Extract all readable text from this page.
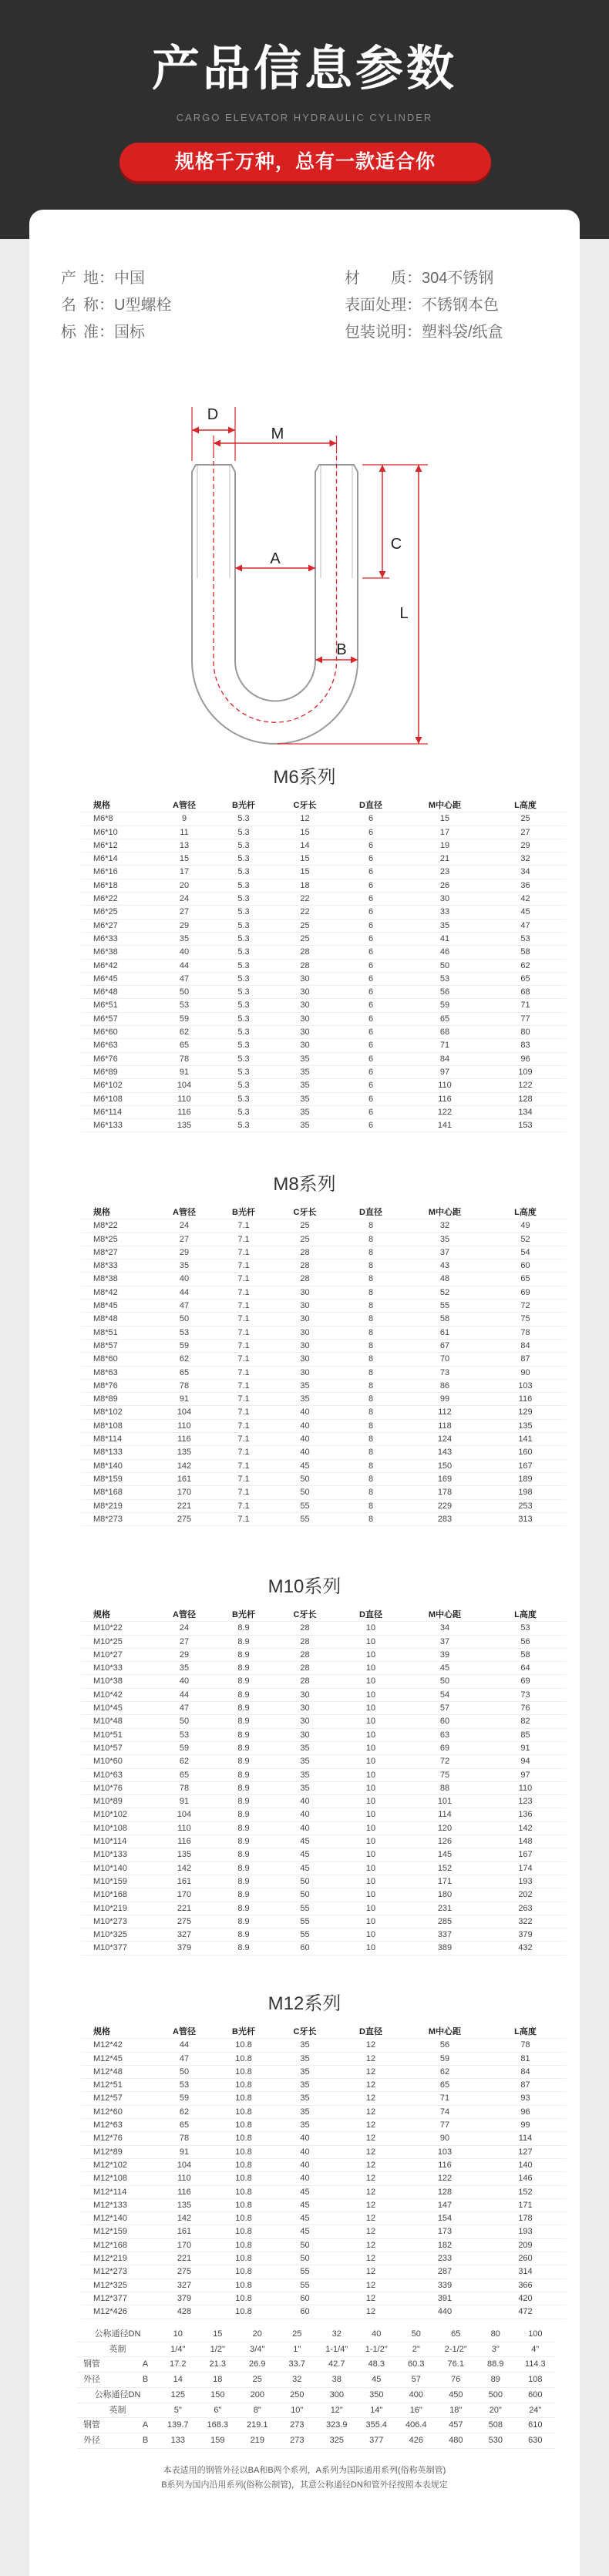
产品信息参数
CARGO ELEVATOR HYDRAULIC CYLINDER
规格千万种，总有一款适合你
产 地：中国
名 称：U型螺栓
标 准：国标
材 质：304不锈钢
表面处理：不锈钢本色
包装说明：塑料袋/纸盒
D
M
A
B
C
L
M6系列
规格	A管径	B光杆	C牙长	D直径	M中心距	L高度
M6*8	9	5.3	12	6	15	25
M6*10	11	5.3	15	6	17	27
M6*12	13	5.3	14	6	19	29
M6*14	15	5.3	15	6	21	32
M6*16	17	5.3	15	6	23	34
M6*18	20	5.3	18	6	26	36
M6*22	24	5.3	22	6	30	42
M6*25	27	5.3	22	6	33	45
M6*27	29	5.3	25	6	35	47
M6*33	35	5.3	25	6	41	53
M6*38	40	5.3	28	6	46	58
M6*42	44	5.3	28	6	50	62
M6*45	47	5.3	30	6	53	65
M6*48	50	5.3	30	6	56	68
M6*51	53	5.3	30	6	59	71
M6*57	59	5.3	30	6	65	77
M6*60	62	5.3	30	6	68	80
M6*63	65	5.3	30	6	71	83
M6*76	78	5.3	35	6	84	96
M6*89	91	5.3	35	6	97	109
M6*102	104	5.3	35	6	110	122
M6*108	110	5.3	35	6	116	128
M6*114	116	5.3	35	6	122	134
M6*133	135	5.3	35	6	141	153
M8系列
规格	A管径	B光杆	C牙长	D直径	M中心距	L高度
M8*22	24	7.1	25	8	32	49
M8*25	27	7.1	25	8	35	52
M8*27	29	7.1	28	8	37	54
M8*33	35	7.1	28	8	43	60
M8*38	40	7.1	28	8	48	65
M8*42	44	7.1	30	8	52	69
M8*45	47	7.1	30	8	55	72
M8*48	50	7.1	30	8	58	75
M8*51	53	7.1	30	8	61	78
M8*57	59	7.1	30	8	67	84
M8*60	62	7.1	30	8	70	87
M8*63	65	7.1	30	8	73	90
M8*76	78	7.1	35	8	86	103
M8*89	91	7.1	35	8	99	116
M8*102	104	7.1	40	8	112	129
M8*108	110	7.1	40	8	118	135
M8*114	116	7.1	40	8	124	141
M8*133	135	7.1	40	8	143	160
M8*140	142	7.1	45	8	150	167
M8*159	161	7.1	50	8	169	189
M8*168	170	7.1	50	8	178	198
M8*219	221	7.1	55	8	229	253
M8*273	275	7.1	55	8	283	313
M10系列
规格	A管径	B光杆	C牙长	D直径	M中心距	L高度
M10*22	24	8.9	28	10	34	53
M10*25	27	8.9	28	10	37	56
M10*27	29	8.9	28	10	39	58
M10*33	35	8.9	28	10	45	64
M10*38	40	8.9	28	10	50	69
M10*42	44	8.9	30	10	54	73
M10*45	47	8.9	30	10	57	76
M10*48	50	8.9	30	10	60	82
M10*51	53	8.9	30	10	63	85
M10*57	59	8.9	35	10	69	91
M10*60	62	8.9	35	10	72	94
M10*63	65	8.9	35	10	75	97
M10*76	78	8.9	35	10	88	110
M10*89	91	8.9	40	10	101	123
M10*102	104	8.9	40	10	114	136
M10*108	110	8.9	40	10	120	142
M10*114	116	8.9	45	10	126	148
M10*133	135	8.9	45	10	145	167
M10*140	142	8.9	45	10	152	174
M10*159	161	8.9	50	10	171	193
M10*168	170	8.9	50	10	180	202
M10*219	221	8.9	55	10	231	263
M10*273	275	8.9	55	10	285	322
M10*325	327	8.9	55	10	337	379
M10*377	379	8.9	60	10	389	432
M12系列
规格	A管径	B光杆	C牙长	D直径	M中心距	L高度
M12*42	44	10.8	35	12	56	78
M12*45	47	10.8	35	12	59	81
M12*48	50	10.8	35	12	62	84
M12*51	53	10.8	35	12	65	87
M12*57	59	10.8	35	12	71	93
M12*60	62	10.8	35	12	74	96
M12*63	65	10.8	35	12	77	99
M12*76	78	10.8	40	12	90	114
M12*89	91	10.8	40	12	103	127
M12*102	104	10.8	40	12	116	140
M12*108	110	10.8	40	12	122	146
M12*114	116	10.8	45	12	128	152
M12*133	135	10.8	45	12	147	171
M12*140	142	10.8	45	12	154	178
M12*159	161	10.8	45	12	173	193
M12*168	170	10.8	50	12	182	209
M12*219	221	10.8	50	12	233	260
M12*273	275	10.8	55	12	287	314
M12*325	327	10.8	55	12	339	366
M12*377	379	10.8	60	12	391	420
M12*426	428	10.8	60	12	440	472
公称通径DN		10	15	20	25	32	40	50	65	80	100
英制		1/4"	1/2"	3/4"	1"	1-1/4"	1-1/2"	2"	2-1/2"	3"	4"
钢管	A	17.2	21.3	26.9	33.7	42.7	48.3	60.3	76.1	88.9	114.3
外径	B	14	18	25	32	38	45	57	76	89	108
公称通径DN		125	150	200	250	300	350	400	450	500	600
英制		5"	6"	8"	10"	12"	14"	16"	18"	20"	24"
钢管	A	139.7	168.3	219.1	273	323.9	355.4	406.4	457	508	610
外径	B	133	159	219	273	325	377	426	480	530	630
本表适用的钢管外径以BA和B两个系列，A系列为国际通用系列(俗称英制管)
B系列为国内沿用系列(俗称公制管)，其意公称通径DN和管外径按照本表规定
